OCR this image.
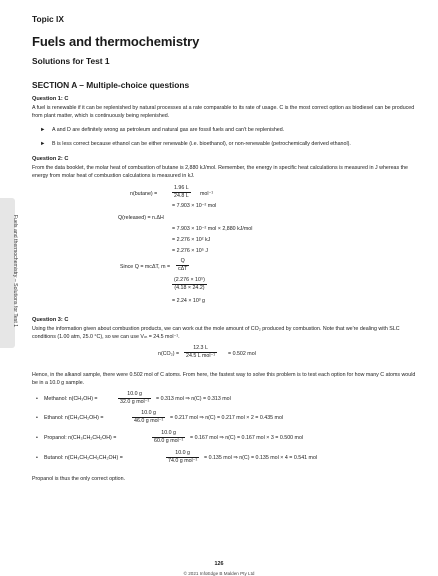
Fuels and thermochemistry – Solutions for Test 1
Topic IX
Fuels and thermochemistry
Solutions for Test 1
SECTION A – Multiple-choice questions
Question 1: C

A fuel is renewable if it can be replenished by natural processes at a rate comparable to its rate of usage. C is the most correct option as biodiesel can be produced from plant matter, which is continuously being replenished.

► A and D are definitely wrong as petroleum and natural gas are fossil fuels and can't be replenished.
► B is less correct because ethanol can be either renewable (i.e. bioethanol), or non-renewable (petrochemically derived ethanol).
Question 2: C

From the data booklet, the molar heat of combustion of butane is 2,880 kJ/mol. Remember, the energy in specific heat calculations is measured in J whereas the energy from molar heat of combustion calculations is measured in kJ.

n(butane) =	$\frac{1.96 L}{24.8 L} mol^{-1}$
= 7.903 × 10⁻² mol
Q(released) = n.ΔH
= 7.903 × 10⁻² mol × 2,880 kJ/mol
= 2.276 × 10² kJ
= 2.276 × 10⁵ J
Since Q = mcΔT, m =
Q
cΔT
$\frac{\text{(2.276 × 10⁵)}}{(4.18 \times 24.2)}$
= 2.24 × 10³ g
Question 3: C

Using the information given about combustion products, we can work out the mole amount of CO₂ produced by combustion. Note that we're dealing with SLC conditions (1.00 atm, 25.0 °C), so we can use Vₘ = 24.5 mol⁻¹.

n(CO₂) =
12.3 L
24.5 L mol⁻¹	= 0.502 mol

Hence, in the alkanol sample, there were 0.502 mol of C atoms. From here, the fastest way to solve this problem is to test each option for how many C atoms would be in a 10.0 g sample.

• Methanol: n(CH₃OH) =
10.0 g
32.0 g mol⁻¹	= 0.313 mol ⇒ n(C) = 0.313 mol
• Ethanol: n(CH₃CH₂OH) =
10.0 g
46.0 g mol⁻¹	= 0.217 mol ⇒ n(C) = 0.217 mol × 2 = 0.435 mol
• Propanol: n(CH₃CH₂CH₂OH) =
10.0 g
60.0 g mol⁻¹	= 0.167 mol ⇒ n(C) = 0.167 mol × 3 = 0.500 mol
• Butanol: n(CH₃CH₂CH₂CH₂OH) =
10.0 g
74.0 g mol⁻¹	= 0.135 mol ⇒ n(C) = 0.135 mol × 4 = 0.541 mol

Propanol is thus the only correct option.

126
© 2021 InfoEdge B Malden Pty Ltd
